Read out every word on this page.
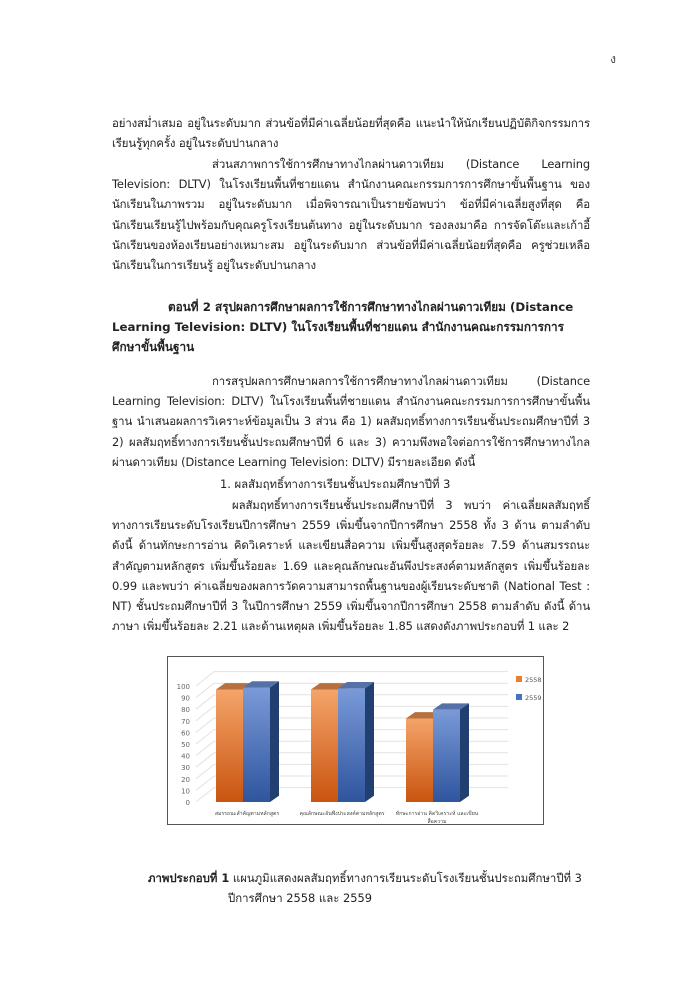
ง

อย่างสม่ำเสมอ อยู่ในระดับมาก ส่วนข้อที่มีค่าเฉลี่ยน้อยที่สุดคือ แนะนำให้นักเรียนปฏิบัติกิจกรรมการเรียนรู้ทุกครั้ง อยู่ในระดับปานกลาง

ส่วนสภาพการใช้การศึกษาทางไกลผ่านดาวเทียม (Distance Learning Television: DLTV) ในโรงเรียนพื้นที่ชายแดน สำนักงานคณะกรรมการการศึกษาขั้นพื้นฐาน ของนักเรียนในภาพรวม อยู่ในระดับมาก เมื่อพิจารณาเป็นรายข้อพบว่า ข้อที่มีค่าเฉลี่ยสูงที่สุด คือ นักเรียนเรียนรู้ไปพร้อมกับคุณครูโรงเรียนต้นทาง อยู่ในระดับมาก รองลงมาคือ การจัดโต๊ะและเก้าอี้นักเรียนของห้องเรียนอย่างเหมาะสม อยู่ในระดับมาก ส่วนข้อที่มีค่าเฉลี่ยน้อยที่สุดคือ ครูช่วยเหลือนักเรียนในการเรียนรู้ อยู่ในระดับปานกลาง

ตอนที่ 2 สรุปผลการศึกษาผลการใช้การศึกษาทางไกลผ่านดาวเทียม (Distance Learning Television: DLTV) ในโรงเรียนพื้นที่ชายแดน สำนักงานคณะกรรมการการศึกษาขั้นพื้นฐาน

การสรุปผลการศึกษาผลการใช้การศึกษาทางไกลผ่านดาวเทียม (Distance Learning Television: DLTV) ในโรงเรียนพื้นที่ชายแดน สำนักงานคณะกรรมการการศึกษาขั้นพื้นฐาน นำเสนอผลการวิเคราะห์ข้อมูลเป็น 3 ส่วน คือ 1) ผลสัมฤทธิ์ทางการเรียนชั้นประถมศึกษาปีที่ 3 2) ผลสัมฤทธิ์ทางการเรียนชั้นประถมศึกษาปีที่ 6 และ 3) ความพึงพอใจต่อการใช้การศึกษาทางไกลผ่านดาวเทียม (Distance Learning Television: DLTV) มีรายละเอียด ดังนี้

1. ผลสัมฤทธิ์ทางการเรียนชั้นประถมศึกษาปีที่ 3

ผลสัมฤทธิ์ทางการเรียนชั้นประถมศึกษาปีที่ 3 พบว่า ค่าเฉลี่ยผลสัมฤทธิ์ทางการเรียนระดับโรงเรียนปีการศึกษา 2559 เพิ่มขึ้นจากปีการศึกษา 2558 ทั้ง 3 ด้าน ตามลำดับ ดังนี้ ด้านทักษะการอ่าน คิดวิเคราะห์ และเขียนสื่อความ เพิ่มขึ้นสูงสุดร้อยละ 7.59 ด้านสมรรถนะสำคัญตามหลักสูตร เพิ่มขึ้นร้อยละ 1.69 และคุณลักษณะอันพึงประสงค์ตามหลักสูตร เพิ่มขึ้นร้อยละ 0.99 และพบว่า ค่าเฉลี่ยของผลการวัดความสามารถพื้นฐานของผู้เรียนระดับชาติ (National Test : NT) ชั้นประถมศึกษาปีที่ 3 ในปีการศึกษา 2559 เพิ่มขึ้นจากปีการศึกษา 2558 ตามลำดับ ดังนี้ ด้านภาษา เพิ่มขึ้นร้อยละ 2.21 และด้านเหตุผล เพิ่มขึ้นร้อยละ 1.85 แสดงดังภาพประกอบที่ 1 และ 2

0
10
20
30
40
50
60
70
80
90
100
สมรรถนะสำคัญตามหลักสูตร	คุณลักษณะอันพึงประสงค์ตามหลักสูตร ทักษะการอ่าน คิดวิเคราะห์ และเขียน
สื่อความ
2558
2559
ภาพประกอบที่ 1 แผนภูมิแสดงผลสัมฤทธิ์ทางการเรียนระดับโรงเรียนชั้นประถมศึกษาปีที่ 3
ปีการศึกษา 2558 และ 2559
